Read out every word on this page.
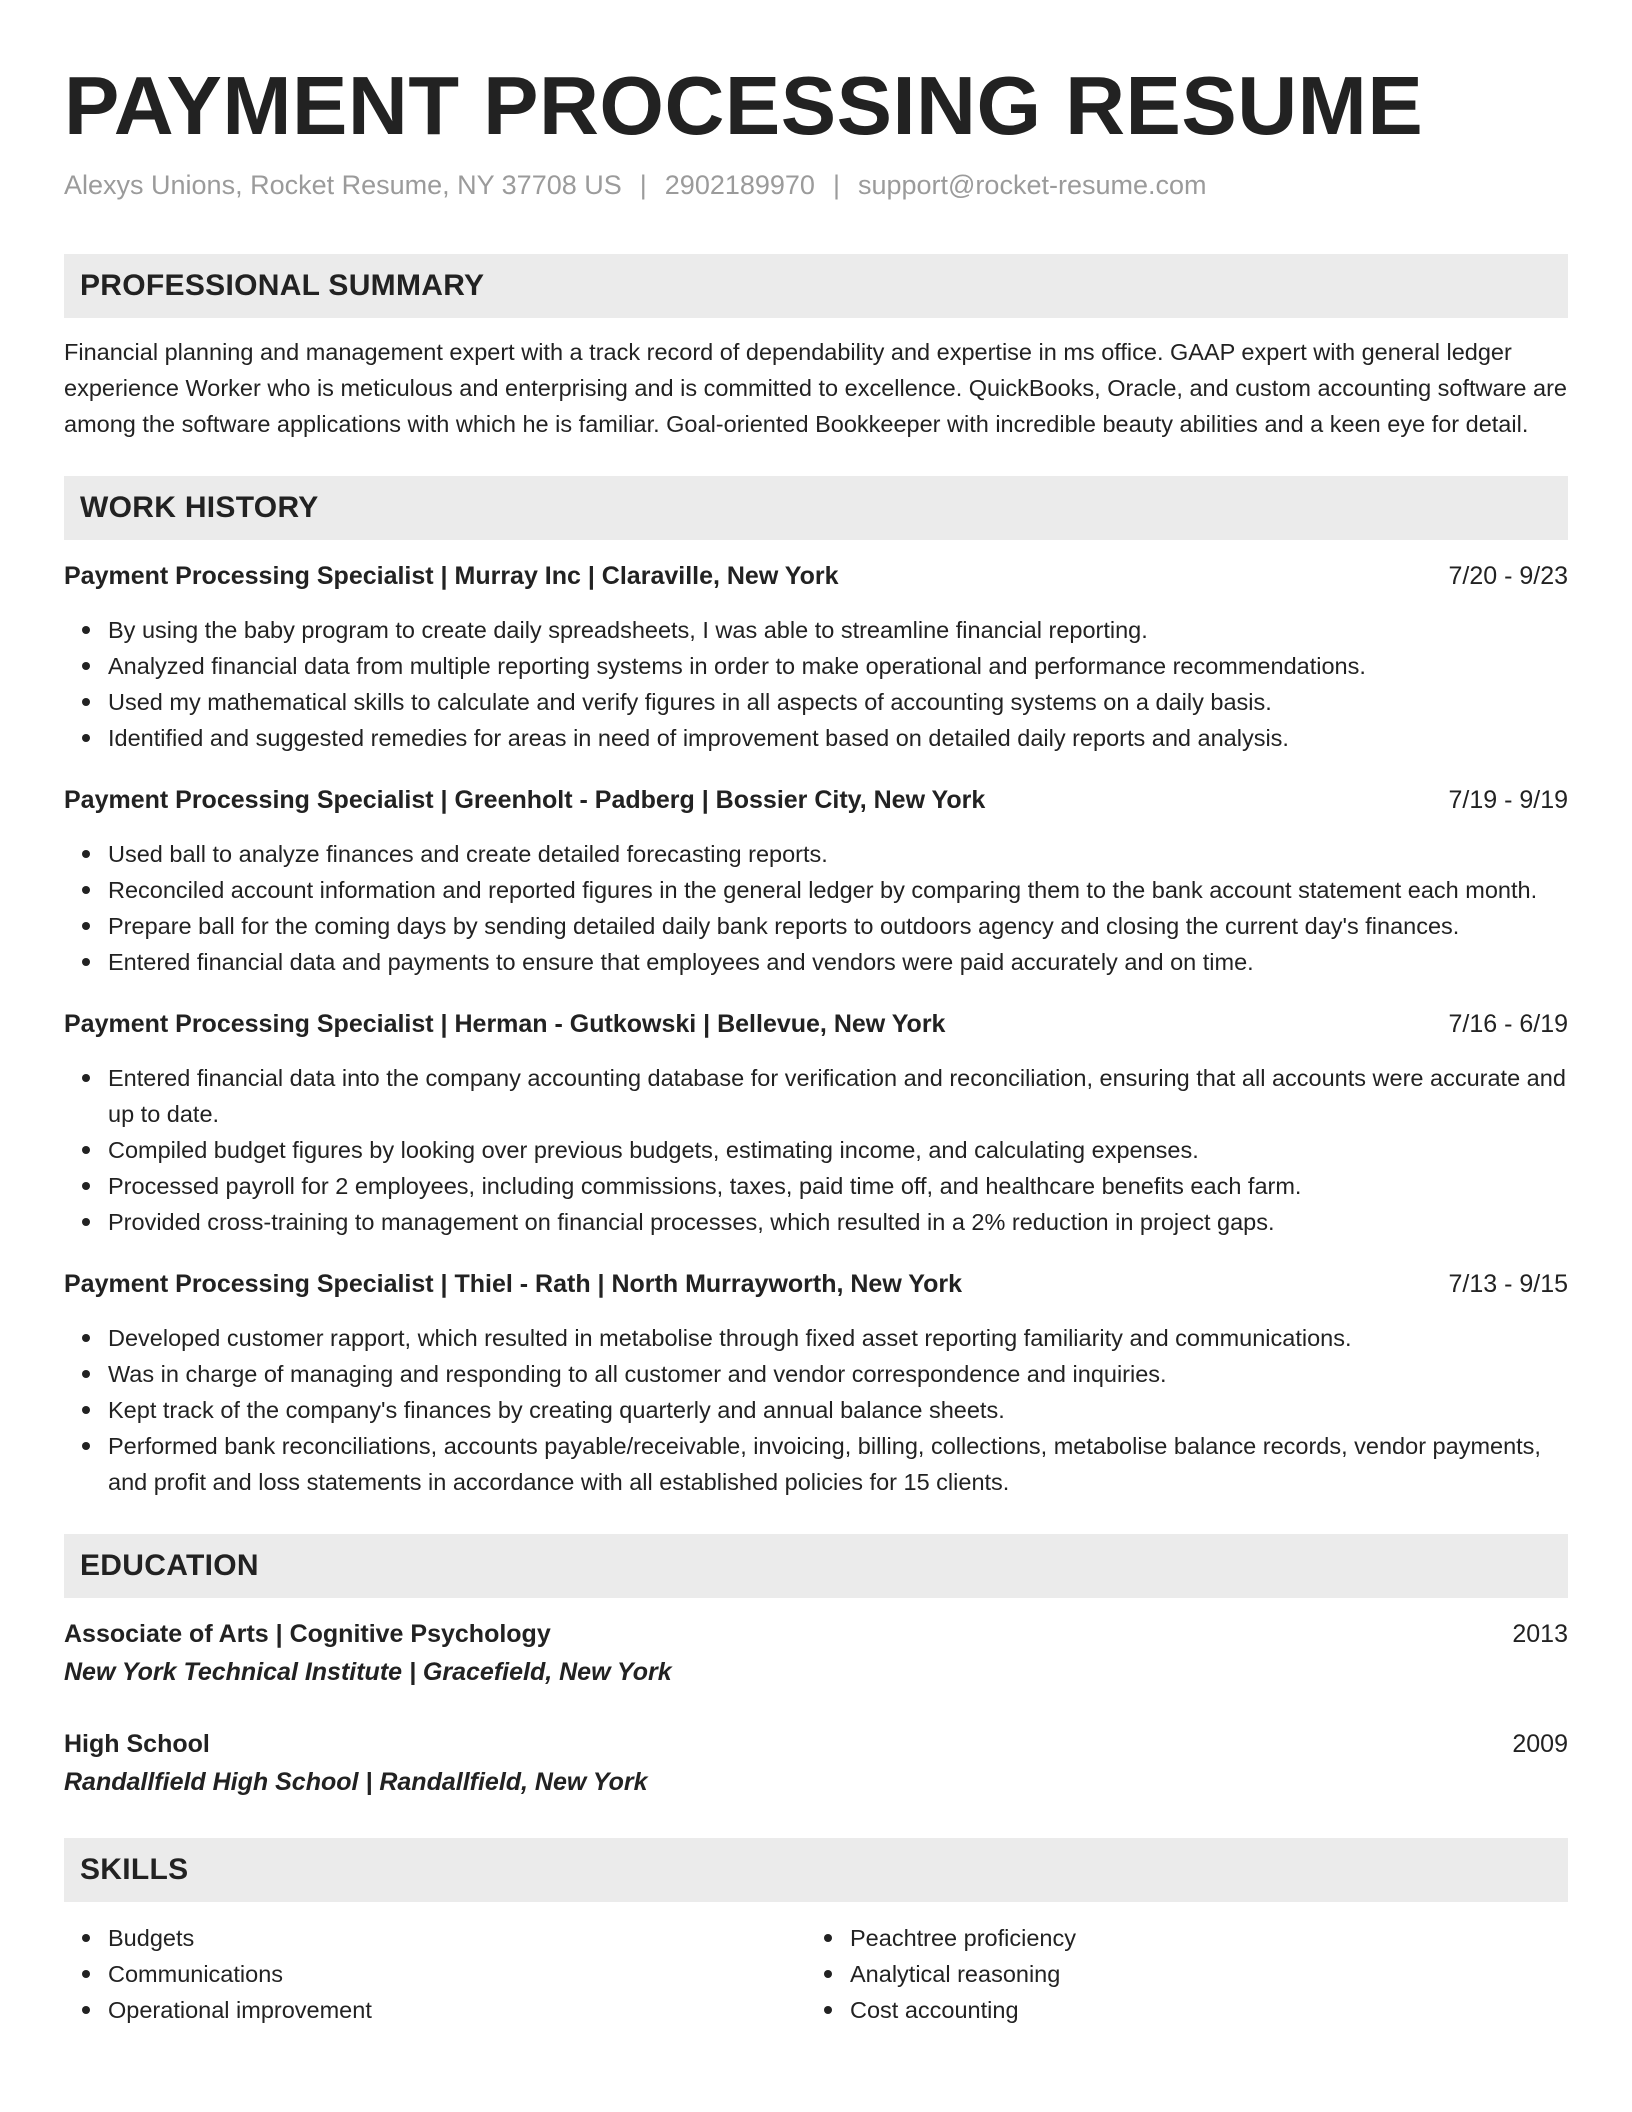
PAYMENT PROCESSING RESUME
Alexys Unions, Rocket Resume, NY 37708 US | 2902189970 | support@rocket-resume.com
PROFESSIONAL SUMMARY

Financial planning and management expert with a track record of dependability and expertise in ms office. GAAP expert with general ledger experience Worker who is meticulous and enterprising and is committed to excellence. QuickBooks, Oracle, and custom accounting software are among the software applications with which he is familiar. Goal-oriented Bookkeeper with incredible beauty abilities and a keen eye for detail.

WORK HISTORY
Payment Processing Specialist | Murray Inc | Claraville, New York	7/20 - 9/23
By using the baby program to create daily spreadsheets, I was able to streamline financial reporting.
Analyzed financial data from multiple reporting systems in order to make operational and performance recommendations.
Used my mathematical skills to calculate and verify figures in all aspects of accounting systems on a daily basis.
Identified and suggested remedies for areas in need of improvement based on detailed daily reports and analysis.
Payment Processing Specialist | Greenholt - Padberg | Bossier City, New York	7/19 - 9/19
Used ball to analyze finances and create detailed forecasting reports.
Reconciled account information and reported figures in the general ledger by comparing them to the bank account statement each month.
Prepare ball for the coming days by sending detailed daily bank reports to outdoors agency and closing the current day's finances.
Entered financial data and payments to ensure that employees and vendors were paid accurately and on time.
Payment Processing Specialist | Herman - Gutkowski | Bellevue, New York	7/16 - 6/19
Entered financial data into the company accounting database for verification and reconciliation, ensuring that all accounts were accurate and up to date.
Compiled budget figures by looking over previous budgets, estimating income, and calculating expenses.
Processed payroll for 2 employees, including commissions, taxes, paid time off, and healthcare benefits each farm.
Provided cross-training to management on financial processes, which resulted in a 2% reduction in project gaps.
Payment Processing Specialist | Thiel - Rath | North Murrayworth, New York	7/13 - 9/15
Developed customer rapport, which resulted in metabolise through fixed asset reporting familiarity and communications.
Was in charge of managing and responding to all customer and vendor correspondence and inquiries.
Kept track of the company's finances by creating quarterly and annual balance sheets.
Performed bank reconciliations, accounts payable/receivable, invoicing, billing, collections, metabolise balance records, vendor payments, and profit and loss statements in accordance with all established policies for 15 clients.
EDUCATION
Associate of Arts | Cognitive Psychology	2013
New York Technical Institute | Gracefield, New York
High School	2009
Randallfield High School | Randallfield, New York
SKILLS
Budgets
Communications
Operational improvement
Peachtree proficiency
Analytical reasoning
Cost accounting
